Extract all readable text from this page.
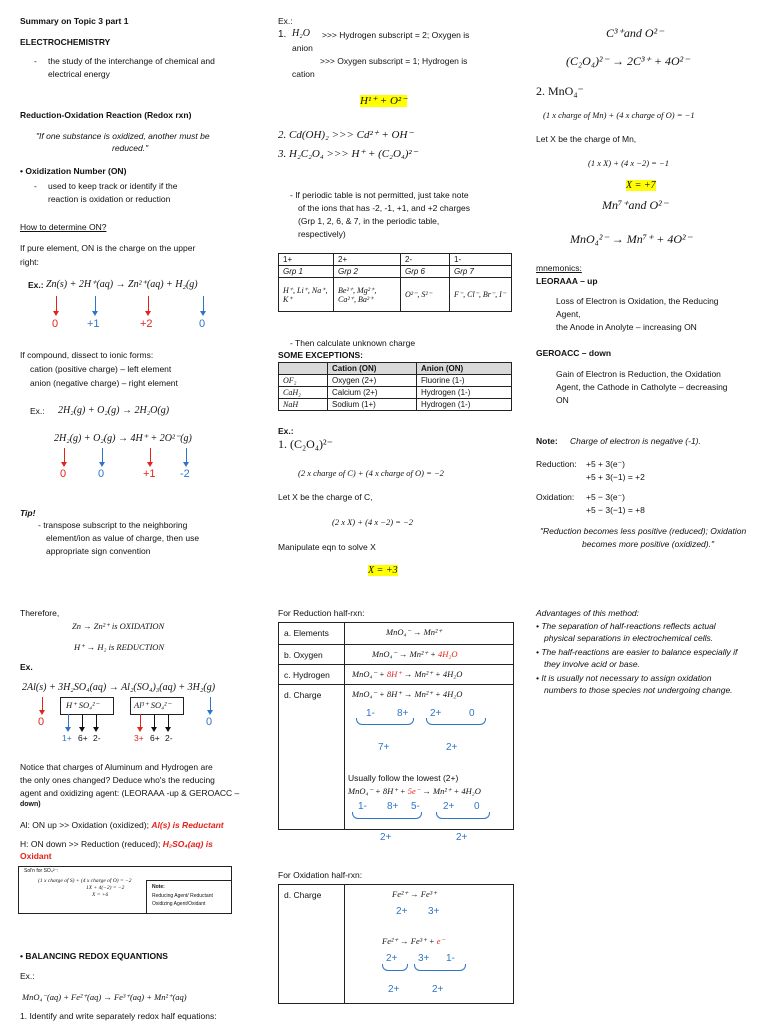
Summary on Topic 3 part 1
ELECTROCHEMISTRY
- the study of the interchange of chemical and
electrical energy
Reduction-Oxidation Reaction (Redox rxn)
"If one substance is oxidized, another must be
reduced."
• Oxidization Number (ON)
- used to keep track or identify if the
reaction is oxidation or reduction
How to determine ON?
If pure element, ON is the charge on the upper
right:
Ex.: Zn(s) + 2H⁺(aq) → Zn²⁺(aq) + H₂(g)
0	+1	+2	0
If compound, dissect to ionic forms:
cation (positive charge) – left element
anion (negative charge) – right element
Ex.: 2H₂(g) + O₂(g) → 2H₂O(g)
2H₂(g) + O₂(g) → 4H⁺ + 2O²⁻(g)
0	0	+1 -2
Tip!
- transpose subscript to the neighboring
element/ion as value of charge, then use
appropriate sign convention
Ex.:
1. H₂O >>> Hydrogen subscript = 2; Oxygen is
anion
>>> Oxygen subscript = 1; Hydrogen is
cation
H¹⁺ + O²⁻
2. Cd(OH)₂ >>> Cd²⁺ + OH⁻
3. H₂C₂O₄ >>> H⁺ + (C₂O₄)²⁻
- If periodic table is not permitted, just take note
of the ions that has -2, -1, +1, and +2 charges
(Grp 1, 2, 6, & 7, in the periodic table,
respectively)
1+	2+	2-	1-
Grp 1	Grp 2	Grp 6	Grp 7
H⁺, Li⁺, Na⁺, K⁺	Be²⁺, Mg²⁺, Ca²⁺, Ba²⁺	O²⁻, S²⁻	F⁻, Cl⁻, Br⁻, I⁻
- Then calculate unknown charge
SOME EXCEPTIONS:
	Cation (ON)	Anion (ON)
OF₂	Oxygen (2+)	Fluorine (1-)
CaH₂	Calcium (2+)	Hydrogen (1-)
NaH	Sodium (1+)	Hydrogen (1-)
Ex.:
1. (C₂O₄)²⁻
(2 x charge of C) + (4 x charge of O) = −2
Let X be the charge of C,
(2 x X) + (4 x −2) = −2
Manipulate eqn to solve X
X = +3
C³⁺and O²⁻
(C₂O₄)²⁻ → 2C³⁺ + 4O²⁻
2. MnO₄⁻
(1 x charge of Mn) + (4 x charge of O) = −1
Let X be the charge of Mn,
(1 x X) + (4 x −2) = −1
X = +7
Mn⁷⁺and O²⁻
MnO₄²⁻ → Mn⁷⁺ + 4O²⁻
mnemonics:
LEORAAA – up
Loss of Electron is Oxidation, the Reducing
Agent,
the Anode in Anolyte – increasing ON
GEROACC – down
Gain of Electron is Reduction, the Oxidation
Agent, the Cathode in Catholyte – decreasing
ON
Note: Charge of electron is negative (-1).
Reduction: +5 + 3(e⁻)
+5 + 3(−1) = +2
Oxidation: +5 − 3(e⁻)
+5 − 3(−1) = +8
"Reduction becomes less positive (reduced); Oxidation
becomes more positive (oxidized)."
Therefore,
Zn → Zn²⁺ is OXIDATION
H⁺ → H₂ is REDUCTION
Ex.
2Al(s) + 3H₂SO₄(aq) → Al₂(SO₄)₃(aq) + 3H₂(g)
H⁺ SO₄²⁻	Al³⁺ SO₄²⁻
0	0
1+ 6+ 2-	3+ 6+ 2-
Notice that charges of Aluminum and Hydrogen are
the only ones changed? Deduce who's the reducing
agent and oxidizing agent: (LEORAAA -up & GEROACC –
down)
Al: ON up >> Oxidation (oxidized); Al(s) is Reductant
H: ON down >> Reduction (reduced); H₂SO₄(aq) is
Oxidant
Sol'n for SO₄²⁻:
(1 x charge of S) + (4 x charge of O) = −2
1X + 4(−2) = −2
X = +6
Note:
Reducing Agent/ Reductant
Oxidizing Agent/Oxidant
• BALANCING REDOX EQUANTIONS
Ex.:
MnO₄⁻(aq) + Fe²⁺(aq) → Fe³⁺(aq) + Mn²⁺(aq)
1. Identify and write separately redox half equations:
For Reduction half-rxn:
a. Elements	MnO₄⁻ → Mn²⁺
b. Oxygen	MnO₄⁻ → Mn²⁺ + 4H₂O
c. Hydrogen	MnO₄⁻ + 8H⁺ → Mn²⁺ + 4H₂O
d. Charge	MnO₄⁻ + 8H⁺ → Mn²⁺ + 4H₂O
1- 8+ 2+	0
7+	2+
Usually follow the lowest (2+)
MnO₄⁻ + 8H⁺ + 5e⁻ → Mn²⁺ + 4H₂O
1- 8+ 5- 2+ 0
2+	2+
For Oxidation half-rxn:
d. Charge	Fe²⁺ → Fe³⁺
2+ 3+
Fe²⁺ → Fe³⁺ + e⁻
2+ 3+ 1-
2+	2+
Advantages of this method:
• The separation of half-reactions reflects actual
physical separations in electrochemical cells.
• The half-reactions are easier to balance especially if
they involve acid or base.
• It is usually not necessary to assign oxidation
numbers to those species not undergoing change.
